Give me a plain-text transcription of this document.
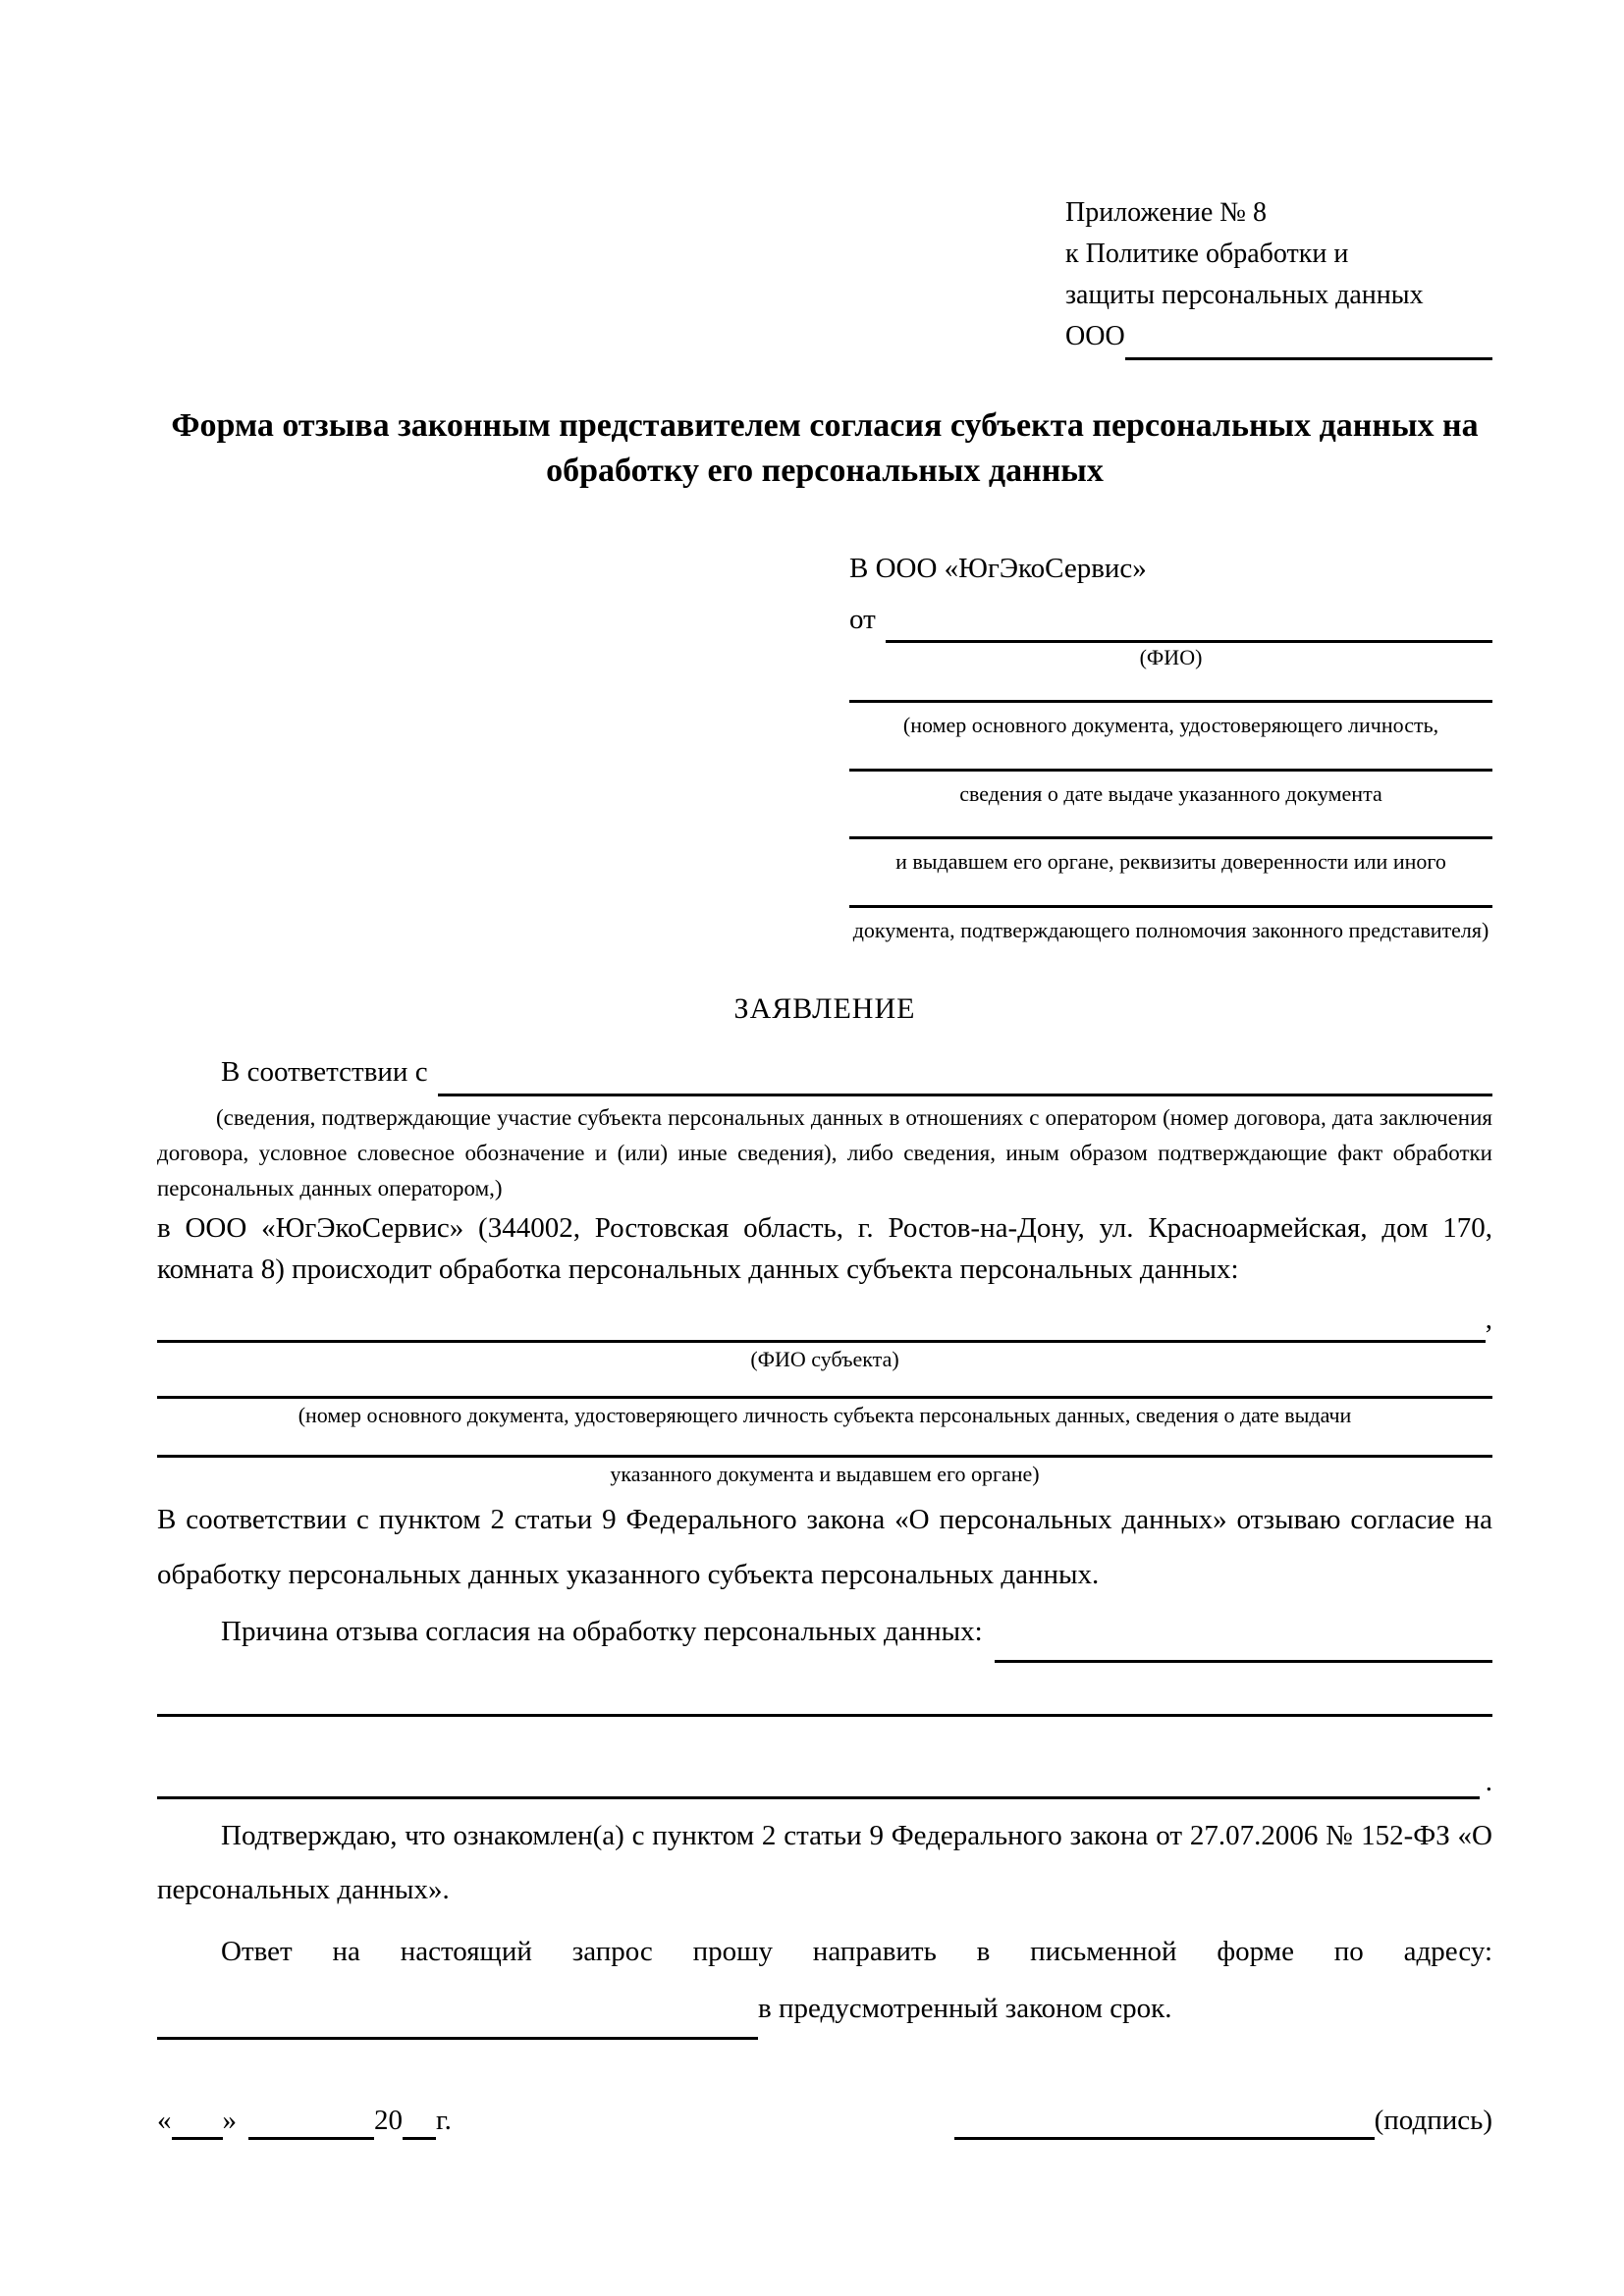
Приложение № 8
к Политике обработки и
защиты персональных данных
ООО
Форма отзыва законным представителем согласия субъекта персональных данных на обработку его персональных данных
В ООО «ЮгЭкоСервис»
от
(ФИО)
(номер основного документа, удостоверяющего личность,
сведения о дате выдаче указанного документа
и выдавшем его органе, реквизиты доверенности или иного
документа, подтверждающего полномочия законного представителя)
ЗАЯВЛЕНИЕ
В соответствии с
(сведения, подтверждающие участие субъекта персональных данных в отношениях с оператором (номер договора, дата заключения договора, условное словесное обозначение и (или) иные сведения), либо сведения, иным образом подтверждающие факт обработки персональных данных оператором,)

в ООО «ЮгЭкоСервис» (344002, Ростовская область, г. Ростов-на-Дону, ул. Красноармейская, дом 170, комната 8) происходит обработка персональных данных субъекта персональных данных:

,
(ФИО субъекта)
(номер основного документа, удостоверяющего личность субъекта персональных данных, сведения о дате выдачи
указанного документа и выдавшем его органе)

В соответствии с пунктом 2 статьи 9 Федерального закона «О персональных данных» отзываю согласие на обработку персональных данных указанного субъекта персональных данных.

Причина отзыва согласия на обработку персональных данных:
.

Подтверждаю, что ознакомлен(а) с пунктом 2 статьи 9 Федерального закона от 27.07.2006 № 152-ФЗ «О персональных данных».

Ответ на настоящий запрос прошу направить в письменной форме по адресу:

в предусмотренный законом срок.
« »	20 г.	(подпись)
